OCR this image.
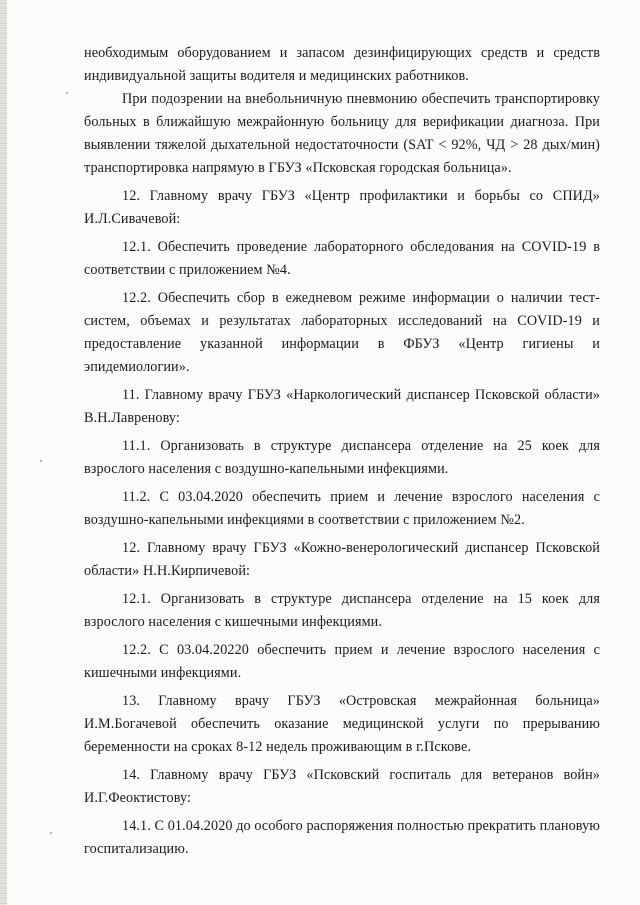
необходимым оборудованием и запасом дезинфицирующих средств и средств индивидуальной защиты водителя и медицинских работников.

При подозрении на внебольничную пневмонию обеспечить транспортировку больных в ближайшую межрайонную больницу для верификации диагноза. При выявлении тяжелой дыхательной недостаточности (SAT < 92%, ЧД > 28 дых/мин) транспортировка напрямую в ГБУЗ «Псковская городская больница».

12. Главному врачу ГБУЗ «Центр профилактики и борьбы со СПИД» И.Л.Сивачевой:

12.1. Обеспечить проведение лабораторного обследования на COVID-19 в соответствии с приложением №4.

12.2. Обеспечить сбор в ежедневом режиме информации о наличии тест-систем, объемах и результатах лабораторных исследований на COVID-19 и предоставление указанной информации в ФБУЗ «Центр гигиены и эпидемиологии».

11. Главному врачу ГБУЗ «Наркологический диспансер Псковской области» В.Н.Лавренову:

11.1. Организовать в структуре диспансера отделение на 25 коек для взрослого населения с воздушно-капельными инфекциями.

11.2. С 03.04.2020 обеспечить прием и лечение взрослого населения с воздушно-капельными инфекциями в соответствии с приложением №2.

12. Главному врачу ГБУЗ «Кожно-венерологический диспансер Псковской области» Н.Н.Кирпичевой:

12.1. Организовать в структуре диспансера отделение на 15 коек для взрослого населения с кишечными инфекциями.

12.2. С 03.04.20220 обеспечить прием и лечение взрослого населения с кишечными инфекциями.

13. Главному врачу ГБУЗ «Островская межрайонная больница» И.М.Богачевой обеспечить оказание медицинской услуги по прерыванию беременности на сроках 8-12 недель проживающим в г.Пскове.

14. Главному врачу ГБУЗ «Псковский госпиталь для ветеранов войн» И.Г.Феоктистову:

14.1. С 01.04.2020 до особого распоряжения полностью прекратить плановую госпитализацию.
